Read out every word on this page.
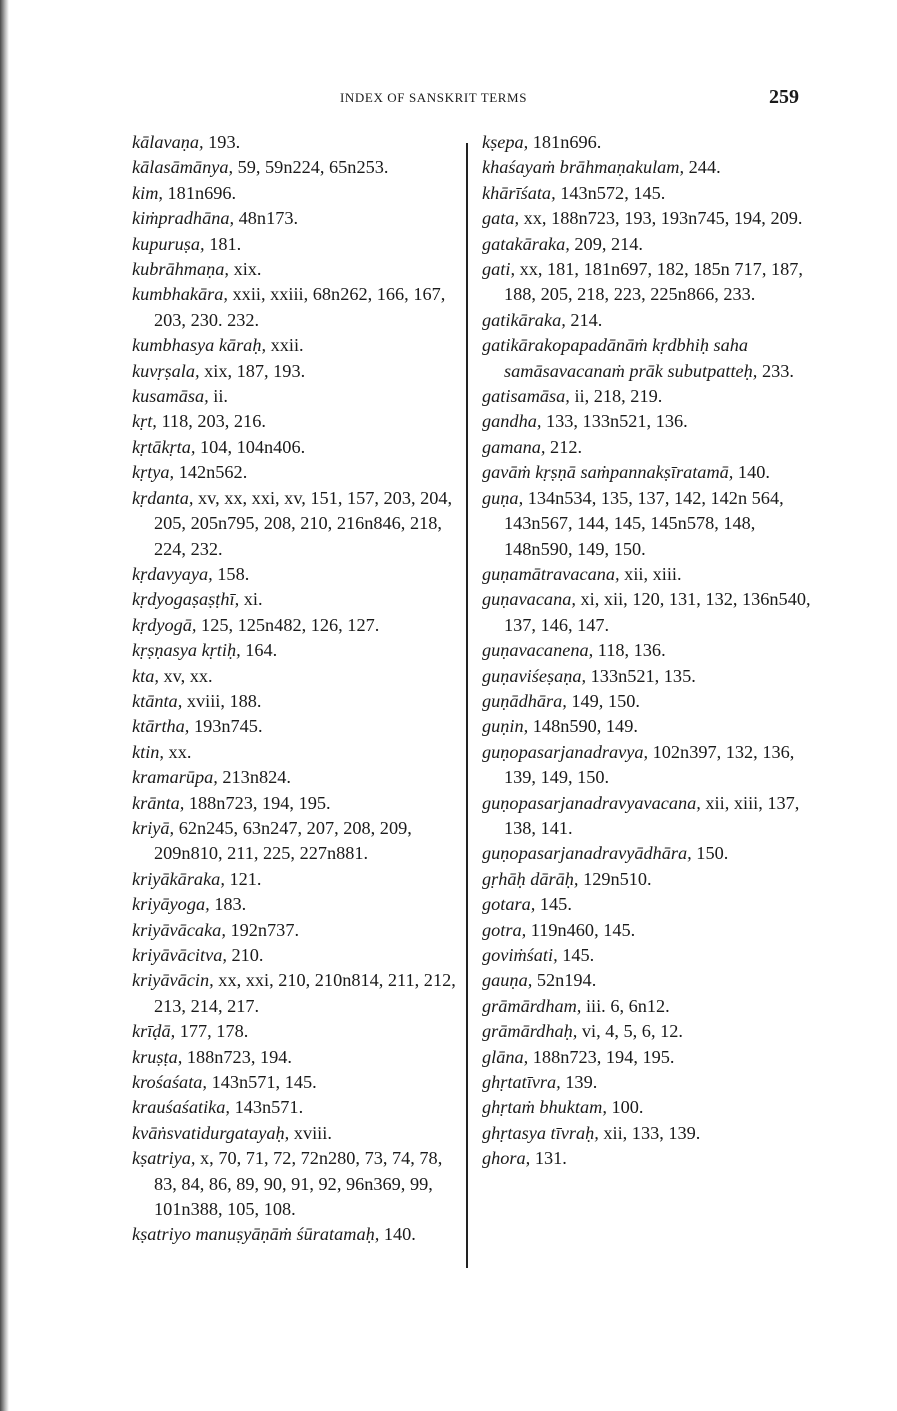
INDEX OF SANSKRIT TERMS	259
kālavaṇa, 193.
kālasāmānya, 59, 59n224, 65n253.
kim, 181n696.
kiṁpradhāna, 48n173.
kupuruṣa, 181.
kubrāhmaṇa, xix.
kumbhakāra, xxii, xxiii, 68n262, 166, 167, 203, 230. 232.
kumbhasya kāraḥ, xxii.
kuvṛṣala, xix, 187, 193.
kusamāsa, ii.
kṛt, 118, 203, 216.
kṛtākṛta, 104, 104n406.
kṛtya, 142n562.
kṛdanta, xv, xx, xxi, xv, 151, 157, 203, 204, 205, 205n795, 208, 210, 216n846, 218, 224, 232.
kṛdavyaya, 158.
kṛdyogaṣaṣṭhī, xi.
kṛdyogā, 125, 125n482, 126, 127.
kṛṣṇasya kṛtiḥ, 164.
kta, xv, xx.
ktānta, xviii, 188.
ktārtha, 193n745.
ktin, xx.
kramarūpa, 213n824.
krānta, 188n723, 194, 195.
kriyā, 62n245, 63n247, 207, 208, 209, 209n810, 211, 225, 227n881.
kriyākāraka, 121.
kriyāyoga, 183.
kriyāvācaka, 192n737.
kriyāvācitva, 210.
kriyāvācin, xx, xxi, 210, 210n814, 211, 212, 213, 214, 217.
krīḍā, 177, 178.
kruṣṭa, 188n723, 194.
krośaśata, 143n571, 145.
krauśaśatika, 143n571.
kvāṅsvatidurgatayaḥ, xviii.
kṣatriya, x, 70, 71, 72, 72n280, 73, 74, 78, 83, 84, 86, 89, 90, 91, 92, 96n369, 99, 101n388, 105, 108.
kṣatriyo manuṣyāṇāṁ śūratamaḥ, 140.
kṣepa, 181n696.
khaśayaṁ brāhmaṇakulam, 244.
khārīśata, 143n572, 145.
gata, xx, 188n723, 193, 193n745, 194, 209.
gatakāraka, 209, 214.
gati, xx, 181, 181n697, 182, 185n 717, 187, 188, 205, 218, 223, 225n866, 233.
gatikāraka, 214.
gatikārakopapadānāṁ kṛdbhiḥ saha samāsavacanaṁ prāk subutpatteḥ, 233.
gatisamāsa, ii, 218, 219.
gandha, 133, 133n521, 136.
gamana, 212.
gavāṁ kṛṣṇā saṁpannakṣīratamā, 140.
guṇa, 134n534, 135, 137, 142, 142n 564, 143n567, 144, 145, 145n578, 148, 148n590, 149, 150.
guṇamātravacana, xii, xiii.
guṇavacana, xi, xii, 120, 131, 132, 136n540, 137, 146, 147.
guṇavacanena, 118, 136.
guṇaviśeṣaṇa, 133n521, 135.
guṇādhāra, 149, 150.
guṇin, 148n590, 149.
guṇopasarjanadravya, 102n397, 132, 136, 139, 149, 150.
guṇopasarjanadravyavacana, xii, xiii, 137, 138, 141.
guṇopasarjanadravyādhāra, 150.
gṛhāḥ dārāḥ, 129n510.
gotara, 145.
gotra, 119n460, 145.
goviṁśati, 145.
gauṇa, 52n194.
grāmārdham, iii. 6, 6n12.
grāmārdhaḥ, vi, 4, 5, 6, 12.
glāna, 188n723, 194, 195.
ghṛtatīvra, 139.
ghṛtaṁ bhuktam, 100.
ghṛtasya tīvraḥ, xii, 133, 139.
ghora, 131.
